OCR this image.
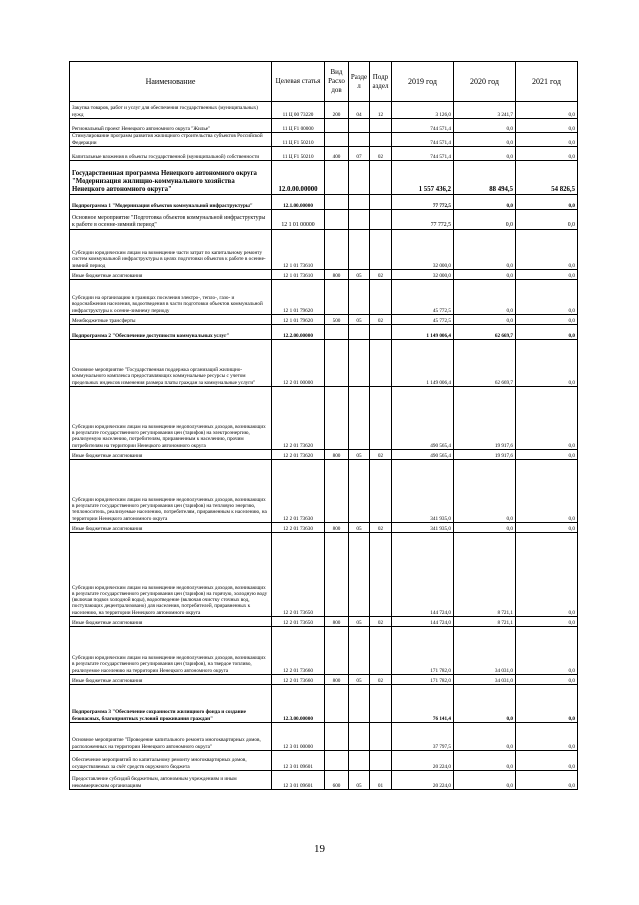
Наименование	Целевая статья	Вид Расхо дов	Разде л	Подр аздел	2019 год	2020 год	2021 год
Закупка товаров, работ и услуг для обеспечения государственных (муниципальных) нужд	11 Ц 00 73220	200	04	12	3 126,0	3 241,7	0,0
Региональный проект Ненецкого автономного округа "Жилье"	11 Ц F1 00000				744 571,4	0,0	0,0
Стимулирование программ развития жилищного строительства субъектов Российской Федерации	11 Ц F1 50210				744 571,4	0,0	0,0
Капитальные вложения в объекты государственной (муниципальной) собственности	11 Ц F1 50210	400	07	02	744 571,4	0,0	0,0
Государственная программа Ненецкого автономного округа "Модернизация жилищно-коммунального хозяйства Ненецкого автономного округа"	12.0.00.00000				1 557 436,2	88 494,5	54 826,5
Подпрограмма 1 "Модернизация объектов коммунальной инфраструктуры"	12.1.00.00000				77 772,5	0,0	0,0
Основное мероприятие "Подготовка объектов коммунальной инфраструктуры к работе в осенне-зимний период"	12 1 01 00000				77 772,5	0,0	0,0
Субсидии юридическим лицам на возмещение части затрат по капитальному ремонту систем коммунальной инфраструктуры в целях подготовки объектов к работе в осенне-зимний период	12 1 01 73610				32 000,0	0,0	0,0
Иные бюджетные ассигнования	12 1 01 73610	800	05	02	32 000,0	0,0	0,0
Субсидии на организацию в границах поселения электро-, тепло-, газо- и водоснабжения населения, водоотведения в части подготовки объектов коммунальной инфраструктуры к осенне-зимнему периоду	12 1 01 79620				45 772,5	0,0	0,0
Межбюджетные трансферты	12 1 01 79620	500	05	02	45 772,5	0,0	0,0
Подпрограмма 2 "Обеспечение доступности коммунальных услуг"	12.2.00.00000				1 149 006,4	62 669,7	0,0
Основное мероприятие "Государственная поддержка организаций жилищно-коммунального комплекса предоставляющих коммунальные ресурсы с учетом предельных индексов изменения размера платы граждан за коммунальные услуги"	12 2 01 00000				1 149 006,4	62 669,7	0,0
Субсидии юридическим лицам на возмещение недополученных доходов, возникающих в результате государственного регулирования цен (тарифов) на электроэнергию, реализуемую населению, потребителям, приравненным к населению, прочим потребителям на территории Ненецкого автономного округа	12 2 01 73620				490 565,4	19 917,6	0,0
Иные бюджетные ассигнования	12 2 01 73620	800	05	02	490 565,4	19 917,6	0,0
Субсидии юридическим лицам на возмещение недополученных доходов, возникающих в результате государственного регулирования цен (тарифов) на тепловую энергию, теплоноситель, реализуемые населению, потребителям, приравненным к населению, на территории Ненецкого автономного округа	12 2 01 73630				341 935,0	0,0	0,0
Иные бюджетные ассигнования	12 2 01 73630	800	05	02	341 935,0	0,0	0,0
Субсидии юридическим лицам на возмещение недополученных доходов, возникающих в результате государственного регулирования цен (тарифов) на горячую, холодную воду (включая подвоз холодной воды), водоотведение (включая очистку сточных вод, поступающих децентрализовано) для населения, потребителей, приравненных к населению, на территории Ненецкого автономного округа	12 2 01 73650				144 724,0	8 721,1	0,0
Иные бюджетные ассигнования	12 2 01 73650	800	05	02	144 724,0	8 721,1	0,0
Субсидии юридическим лицам на возмещение недополученных доходов, возникающих в результате государственного регулирования цен (тарифов), на твердое топливо, реализуемое населению на территории Ненецкого автономного округа	12 2 01 73660				171 782,0	34 031,0	0,0
Иные бюджетные ассигнования	12 2 01 73660	800	05	02	171 782,0	34 031,0	0,0
Подпрограмма 3 "Обеспечение сохранности жилищного фонда и создание безопасных, благоприятных условий проживания граждан"	12.3.00.00000				76 141,4	0,0	0,0
Основное мероприятие "Проведение капитального ремонта многоквартирных домов, расположенных на территории Ненецкого автономного округа"	12 3 01 00000				37 797,5	0,0	0,0
Обеспечение мероприятий по капитальному ремонту многоквартирных домов, осуществляемых за счёт средств окружного бюджета	12 3 01 09601				20 224,0	0,0	0,0
Предоставление субсидий бюджетным, автономным учреждениям и иным некоммерческим организациям	12 3 01 09601	600	05	01	20 224,0	0,0	0,0
19
